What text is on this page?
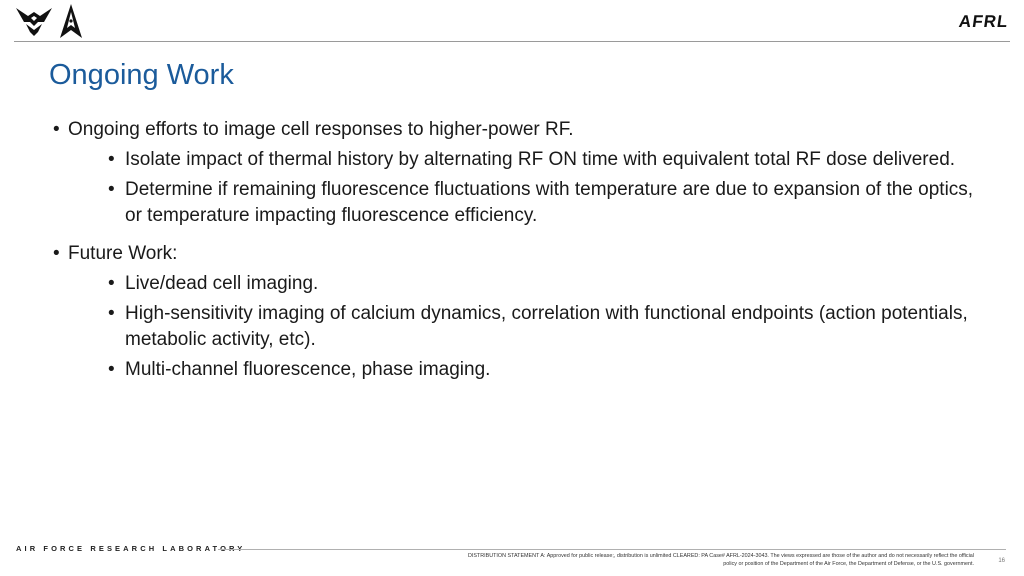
AFRL
Ongoing Work
• Ongoing efforts to image cell responses to higher-power RF.
• Isolate impact of thermal history by alternating RF ON time with equivalent total RF dose delivered.
• Determine if remaining fluorescence fluctuations with temperature are due to expansion of the optics, or temperature impacting fluorescence efficiency.
• Future Work:
• Live/dead cell imaging.
• High-sensitivity imaging of calcium dynamics, correlation with functional endpoints (action potentials, metabolic activity, etc).
• Multi-channel fluorescence, phase imaging.
AIR FORCE RESEARCH LABORATORY
DISTRIBUTION STATEMENT A: Approved for public release;, distribution is unlimited CLEARED: PA Case# AFRL-2024-3043. The views expressed are those of the author and do not necessarily reflect the official
policy or position of the Department of the Air Force, the Department of Defense, or the U.S. government.	16
